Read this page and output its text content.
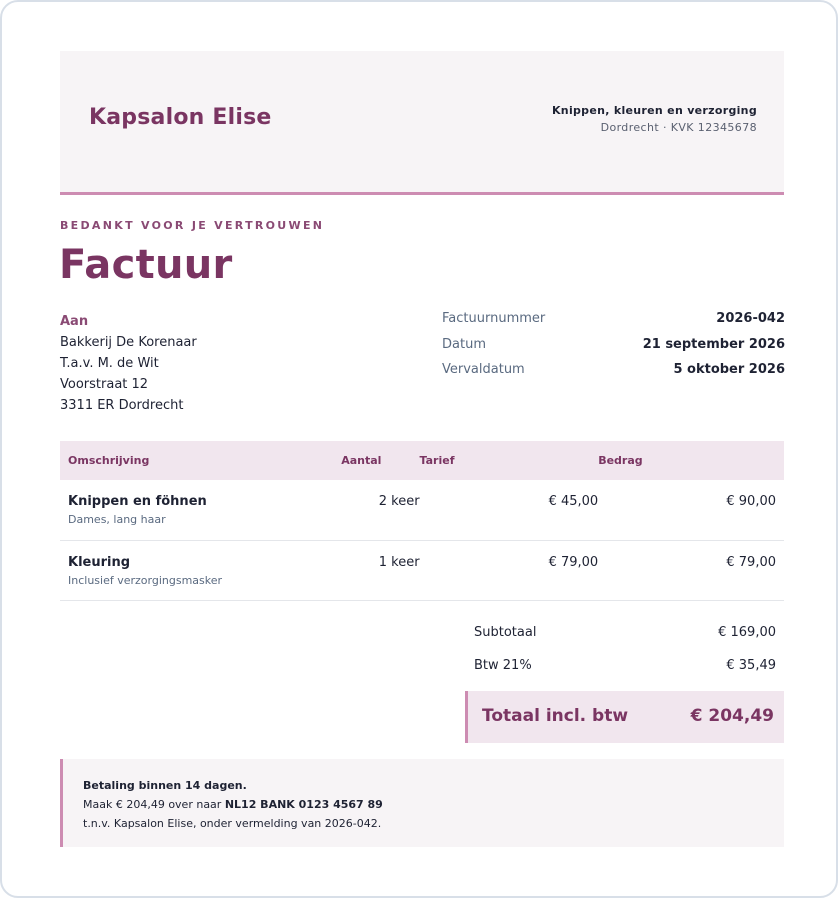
Kapsalon Elise	Knippen, kleuren en verzorging
Dordrecht · KVK 12345678
BEDANKT VOOR JE VERTROUWEN
Factuur
Aan
Bakkerij De Korenaar
T.a.v. M. de Wit
Voorstraat 12
3311 ER Dordrecht
Factuurnummer	2026-042
Datum	21 september 2026
Vervaldatum	5 oktober 2026
Omschrijving	Aantal	Tarief	Bedrag

Knippen en föhnen
Dames, lang haar	2 keer	€ 45,00	€ 90,00

Kleuring
Inclusief verzorgingsmasker	1 keer	€ 79,00	€ 79,00
Subtotaal	€ 169,00
Btw 21%	€ 35,49
Totaal incl. btw	€ 204,49
Betaling binnen 14 dagen.
Maak € 204,49 over naar NL12 BANK 0123 4567 89
t.n.v. Kapsalon Elise, onder vermelding van 2026-042.
